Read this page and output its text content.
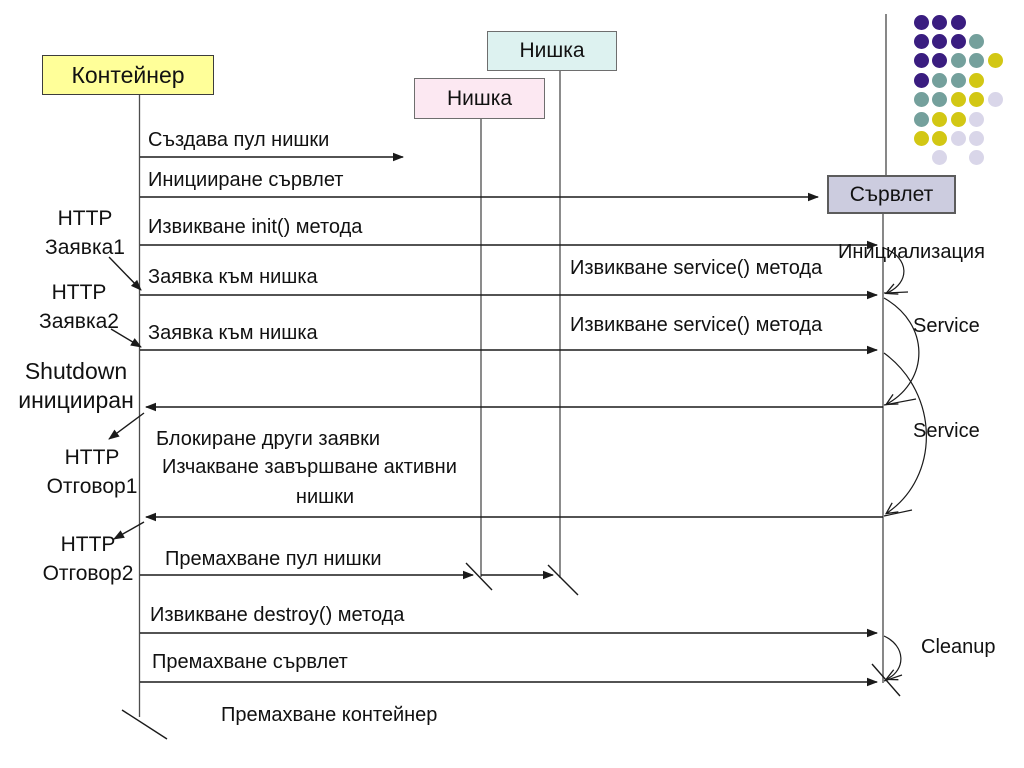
Контейнер
Нишка
Нишка
Сървлет
Създава пул нишки
Иницииране сървлет
Извикване init() метода
Заявка към нишка	Извикване service() метода
Заявка към нишка	Извикване service() метода
Блокиране други заявки
Изчакване завършване активни
нишки
Премахване пул нишки
Извикване destroy() метода
Премахване сървлет
Премахване контейнер
HTTP
Заявка1
HTTP
Заявка2
Shutdown
иницииран
HTTP
Отговор1
HTTP
Отговор2
Инициализация
Service
Service
Cleanup
